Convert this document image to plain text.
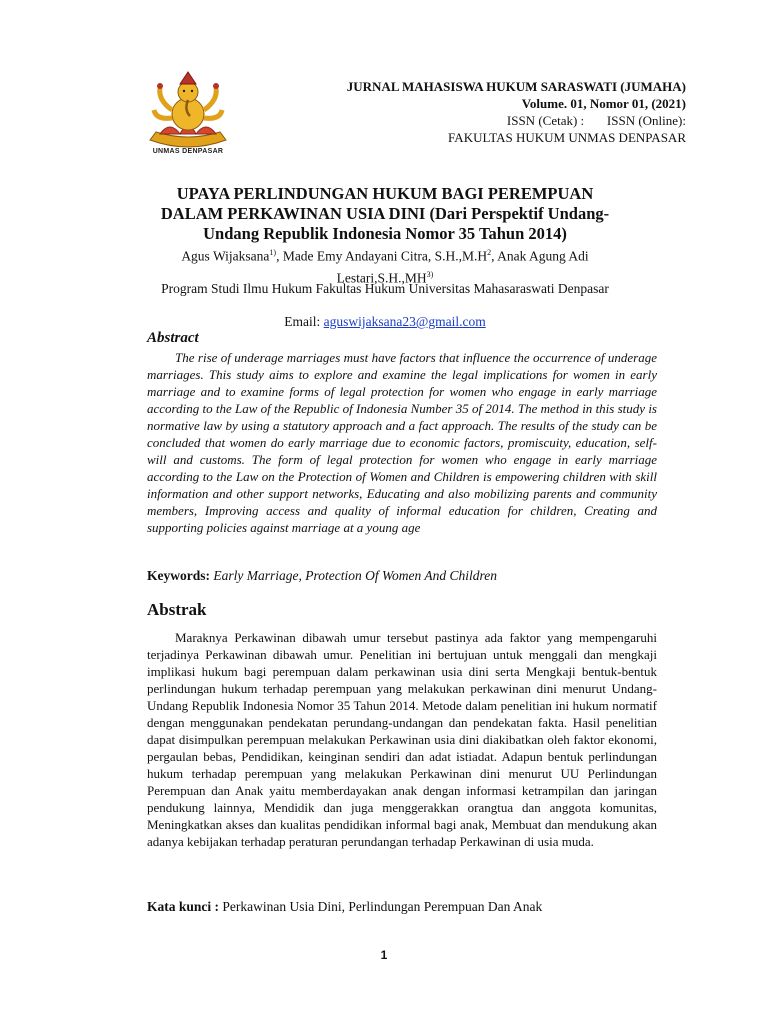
UNMAS DENPASAR
JURNAL MAHASISWA HUKUM SARASWATI (JUMAHA)
Volume. 01, Nomor 01, (2021)
ISSN (Cetak) :       ISSN (Online):
FAKULTAS HUKUM UNMAS DENPASAR
UPAYA PERLINDUNGAN HUKUM BAGI PEREMPUAN DALAM PERKAWINAN USIA DINI (Dari Perspektif Undang-Undang Republik Indonesia Nomor 35 Tahun 2014)
Agus Wijaksana$^{1)}$, Made Emy Andayani Citra, $S.H.,M.H^2$, Anak Agung Adi Lestari,S.H.,MH$^{3)}$
Program Studi Ilmu Hukum Fakultas Hukum Universitas Mahasaraswati Denpasar
Email: aguswijaksana23@gmail.com
Abstract
The rise of underage marriages must have factors that influence the occurrence of underage marriages. This study aims to explore and examine the legal implications for women in early marriage and to examine forms of legal protection for women who engage in early marriage according to the Law of the Republic of Indonesia Number 35 of 2014. The method in this study is normative law by using a statutory approach and a fact approach. The results of the study can be concluded that women do early marriage due to economic factors, promiscuity, education, self-will and customs. The form of legal protection for women who engage in early marriage according to the Law on the Protection of Women and Children is empowering children with skill information and other support networks, Educating and also mobilizing parents and community members, Improving access and quality of informal education for children, Creating and supporting policies against marriage at a young age
Keywords: Early Marriage, Protection Of Women And Children
Abstrak
Maraknya Perkawinan dibawah umur tersebut pastinya ada faktor yang mempengaruhi terjadinya Perkawinan dibawah umur. Penelitian ini bertujuan untuk menggali dan mengkaji implikasi hukum bagi perempuan dalam perkawinan usia dini serta Mengkaji bentuk-bentuk perlindungan hukum terhadap perempuan yang melakukan perkawinan dini menurut Undang-Undang Republik Indonesia Nomor 35 Tahun 2014. Metode dalam penelitian ini hukum normatif dengan menggunakan pendekatan perundang-undangan dan pendekatan fakta. Hasil penelitian dapat disimpulkan perempuan melakukan Perkawinan usia dini diakibatkan oleh faktor ekonomi, pergaulan bebas, Pendidikan, keinginan sendiri dan adat istiadat. Adapun bentuk perlindungan hukum terhadap perempuan yang melakukan Perkawinan dini menurut UU Perlindungan Perempuan dan Anak yaitu memberdayakan anak dengan informasi ketrampilan dan jaringan pendukung lainnya, Mendidik dan juga menggerakkan orangtua dan anggota komunitas, Meningkatkan akses dan kualitas pendidikan informal bagi anak, Membuat dan mendukung akan adanya kebijakan terhadap peraturan perundangan terhadap Perkawinan di usia muda.
Kata kunci : Perkawinan Usia Dini, Perlindungan Perempuan Dan Anak
1
